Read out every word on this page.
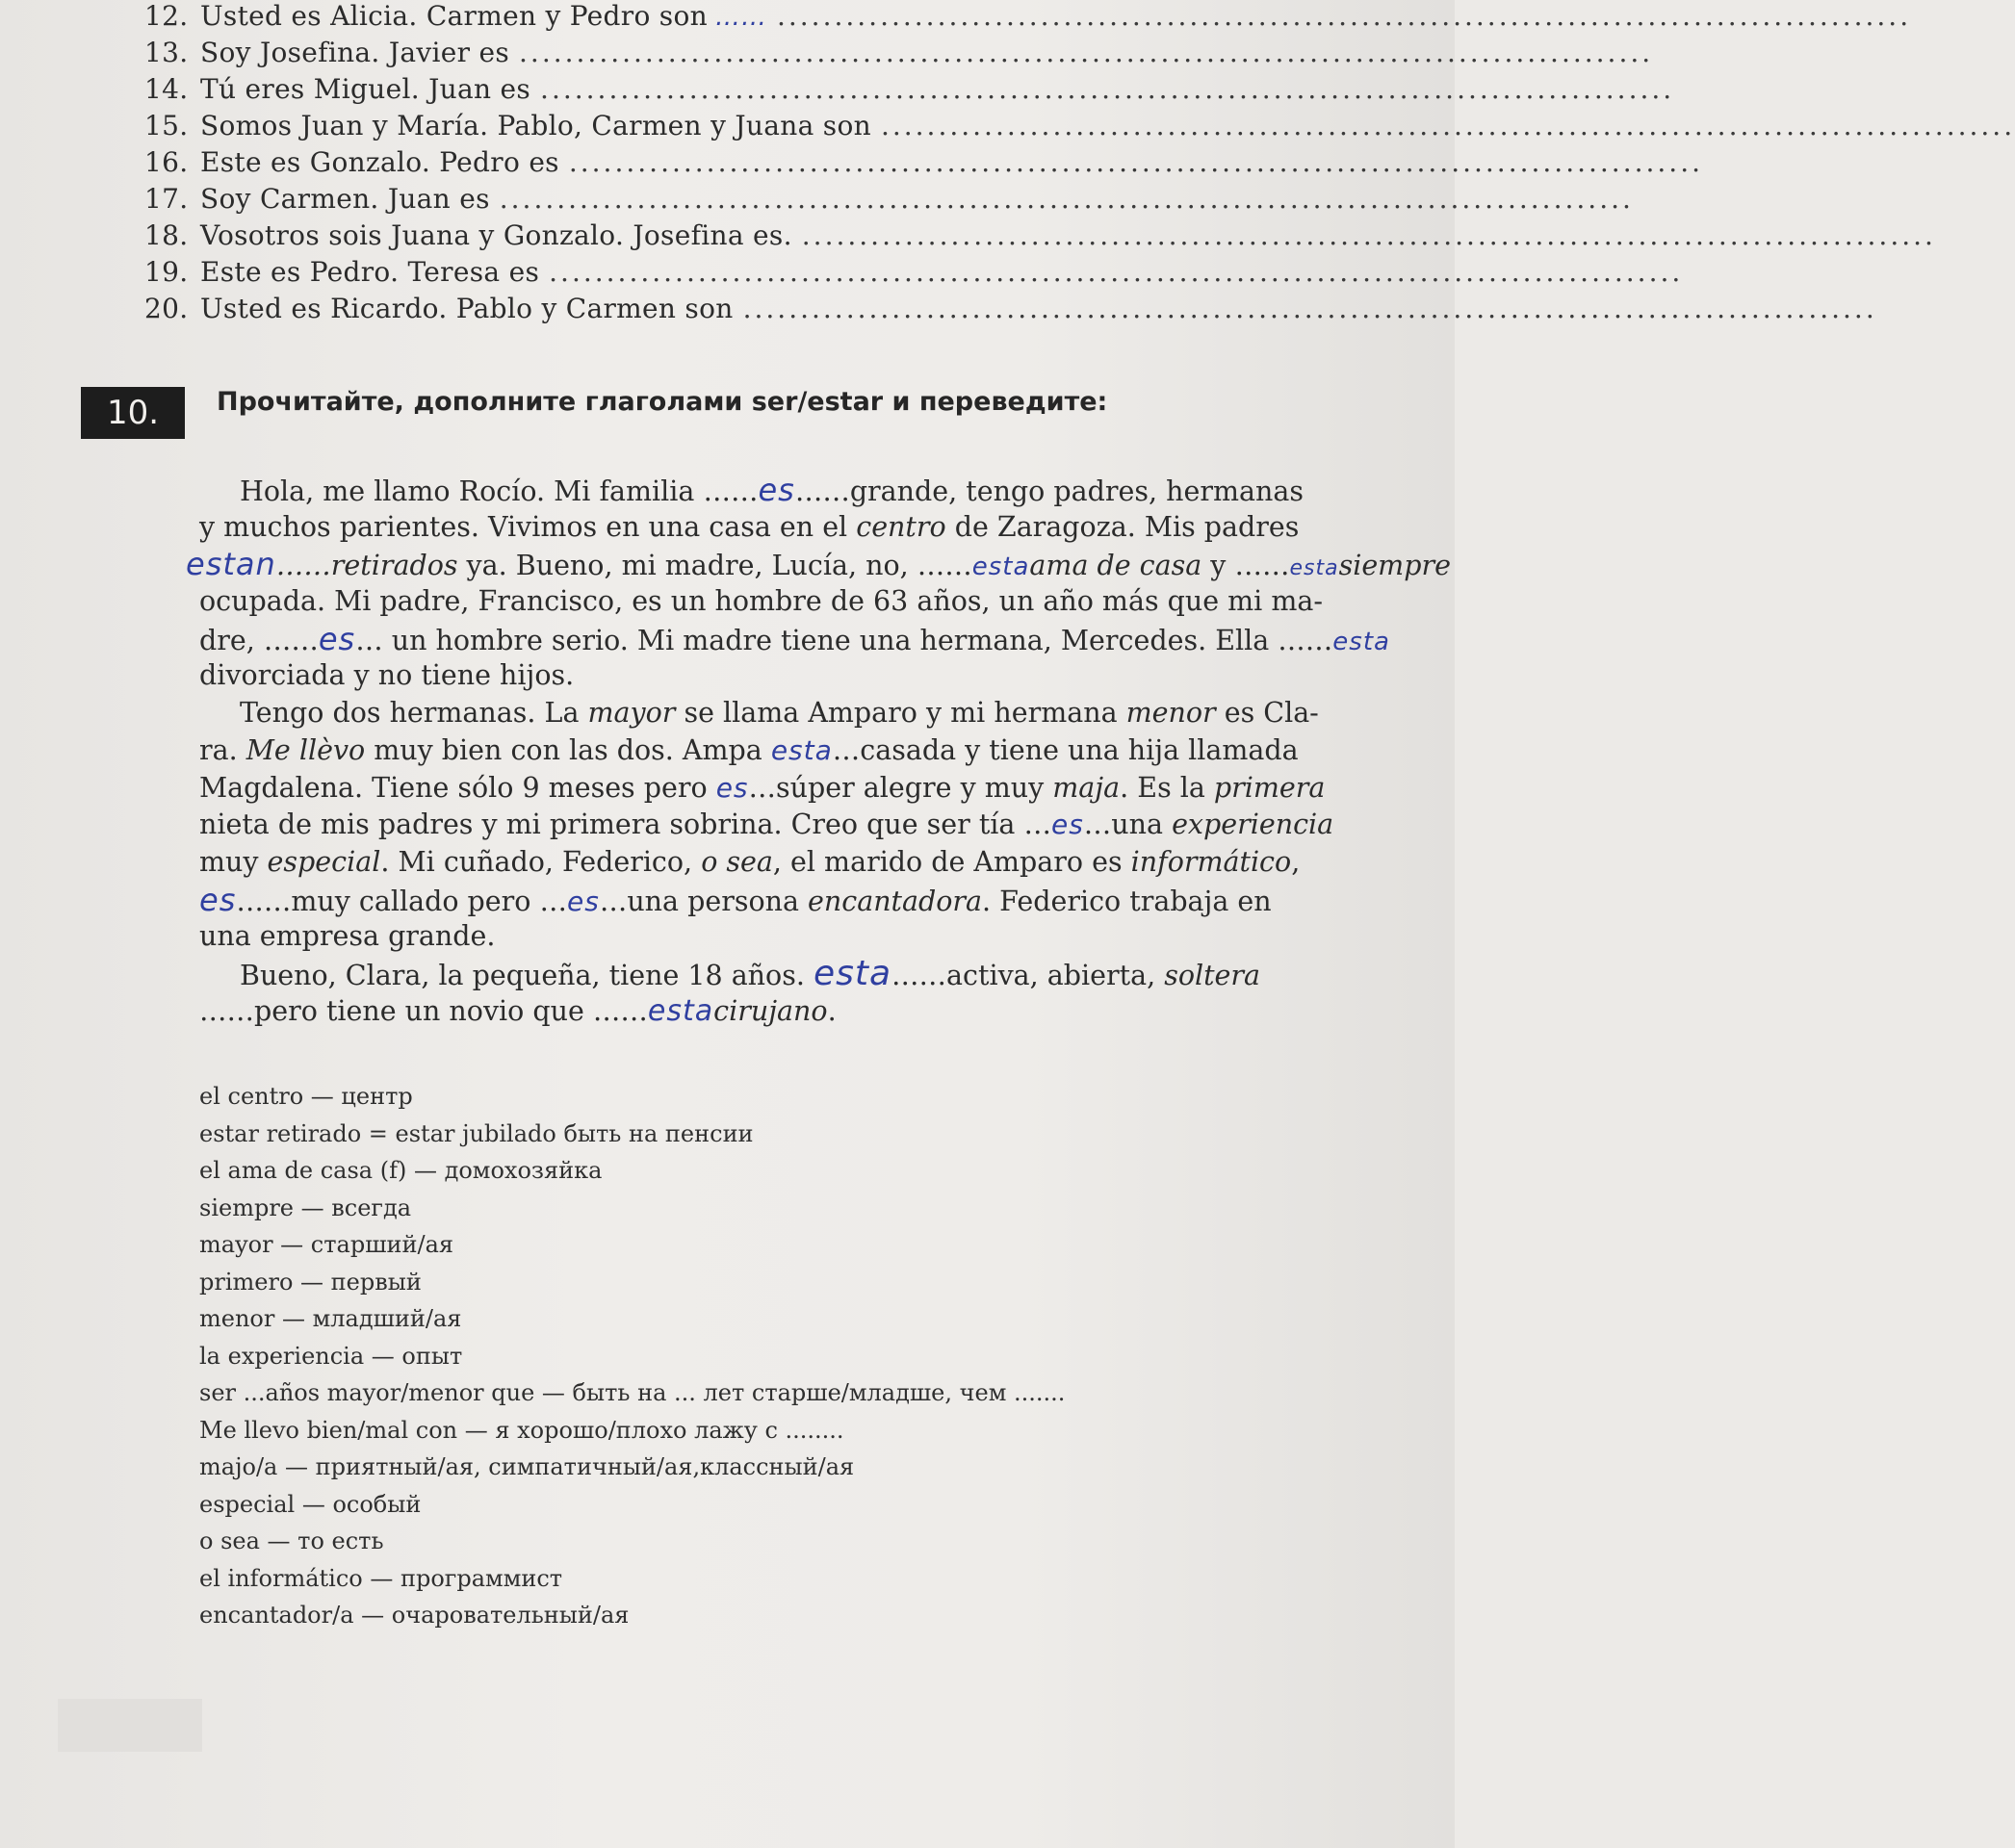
12. Usted es Alicia. Carmen y Pedro son …… ...................................................................................................
13. Soy Josefina. Javier es ...................................................................................................
14. Tú eres Miguel. Juan es ...................................................................................................
15. Somos Juan y María. Pablo, Carmen y Juana son ...................................................................................................
16. Este es Gonzalo. Pedro es ...................................................................................................
17. Soy Carmen. Juan es ...................................................................................................
18. Vosotros sois Juana y Gonzalo. Josefina es. ...................................................................................................
19. Este es Pedro. Teresa es ...................................................................................................
20. Usted es Ricardo. Pablo y Carmen son ...................................................................................................
10.	Прочитайте, дополните глаголами ser/estar и переведите:
Hola, me llamo Rocío. Mi familia ……es……grande, tengo padres, hermanas
y muchos parientes. Vivimos en una casa en el centro de Zaragoza. Mis padres
estan……retirados ya. Bueno, mi madre, Lucía, no, ……estaama de casa y ……estasiempre
ocupada. Mi padre, Francisco, es un hombre de 63 años, un año más que mi ma-
dre, ……es… un hombre serio. Mi madre tiene una hermana, Mercedes. Ella ……esta
divorciada y no tiene hijos.
Tengo dos hermanas. La mayor se llama Amparo y mi hermana menor es Cla-
ra. Me llèvo muy bien con las dos. Ampa esta…casada y tiene una hija llamada
Magdalena. Tiene sólo 9 meses pero es…súper alegre y muy maja. Es la primera
nieta de mis padres y mi primera sobrina. Creo que ser tía …es…una experiencia
muy especial. Mi cuñado, Federico, o sea, el marido de Amparo es informático,
es……muy callado pero …es…una persona encantadora. Federico trabaja en
una empresa grande.
Bueno, Clara, la pequeña, tiene 18 años. esta……activa, abierta, soltera
……pero tiene un novio que ……estacirujano.
el centro — центр
estar retirado = estar jubilado быть на пенсии
el ama de casa (f) — домохозяйка
siempre — всегда
mayor — старший/ая
primero — первый
menor — младший/ая
la experiencia — опыт
ser ...años mayor/menor que — быть на ... лет старше/младше, чем .......
Me llevo bien/mal con — я хорошо/плохо лажу с ........
majo/a — приятный/ая, симпатичный/ая,классный/ая
especial — особый
o sea — то есть
el informático — программист
encantador/a — очаровательный/ая
